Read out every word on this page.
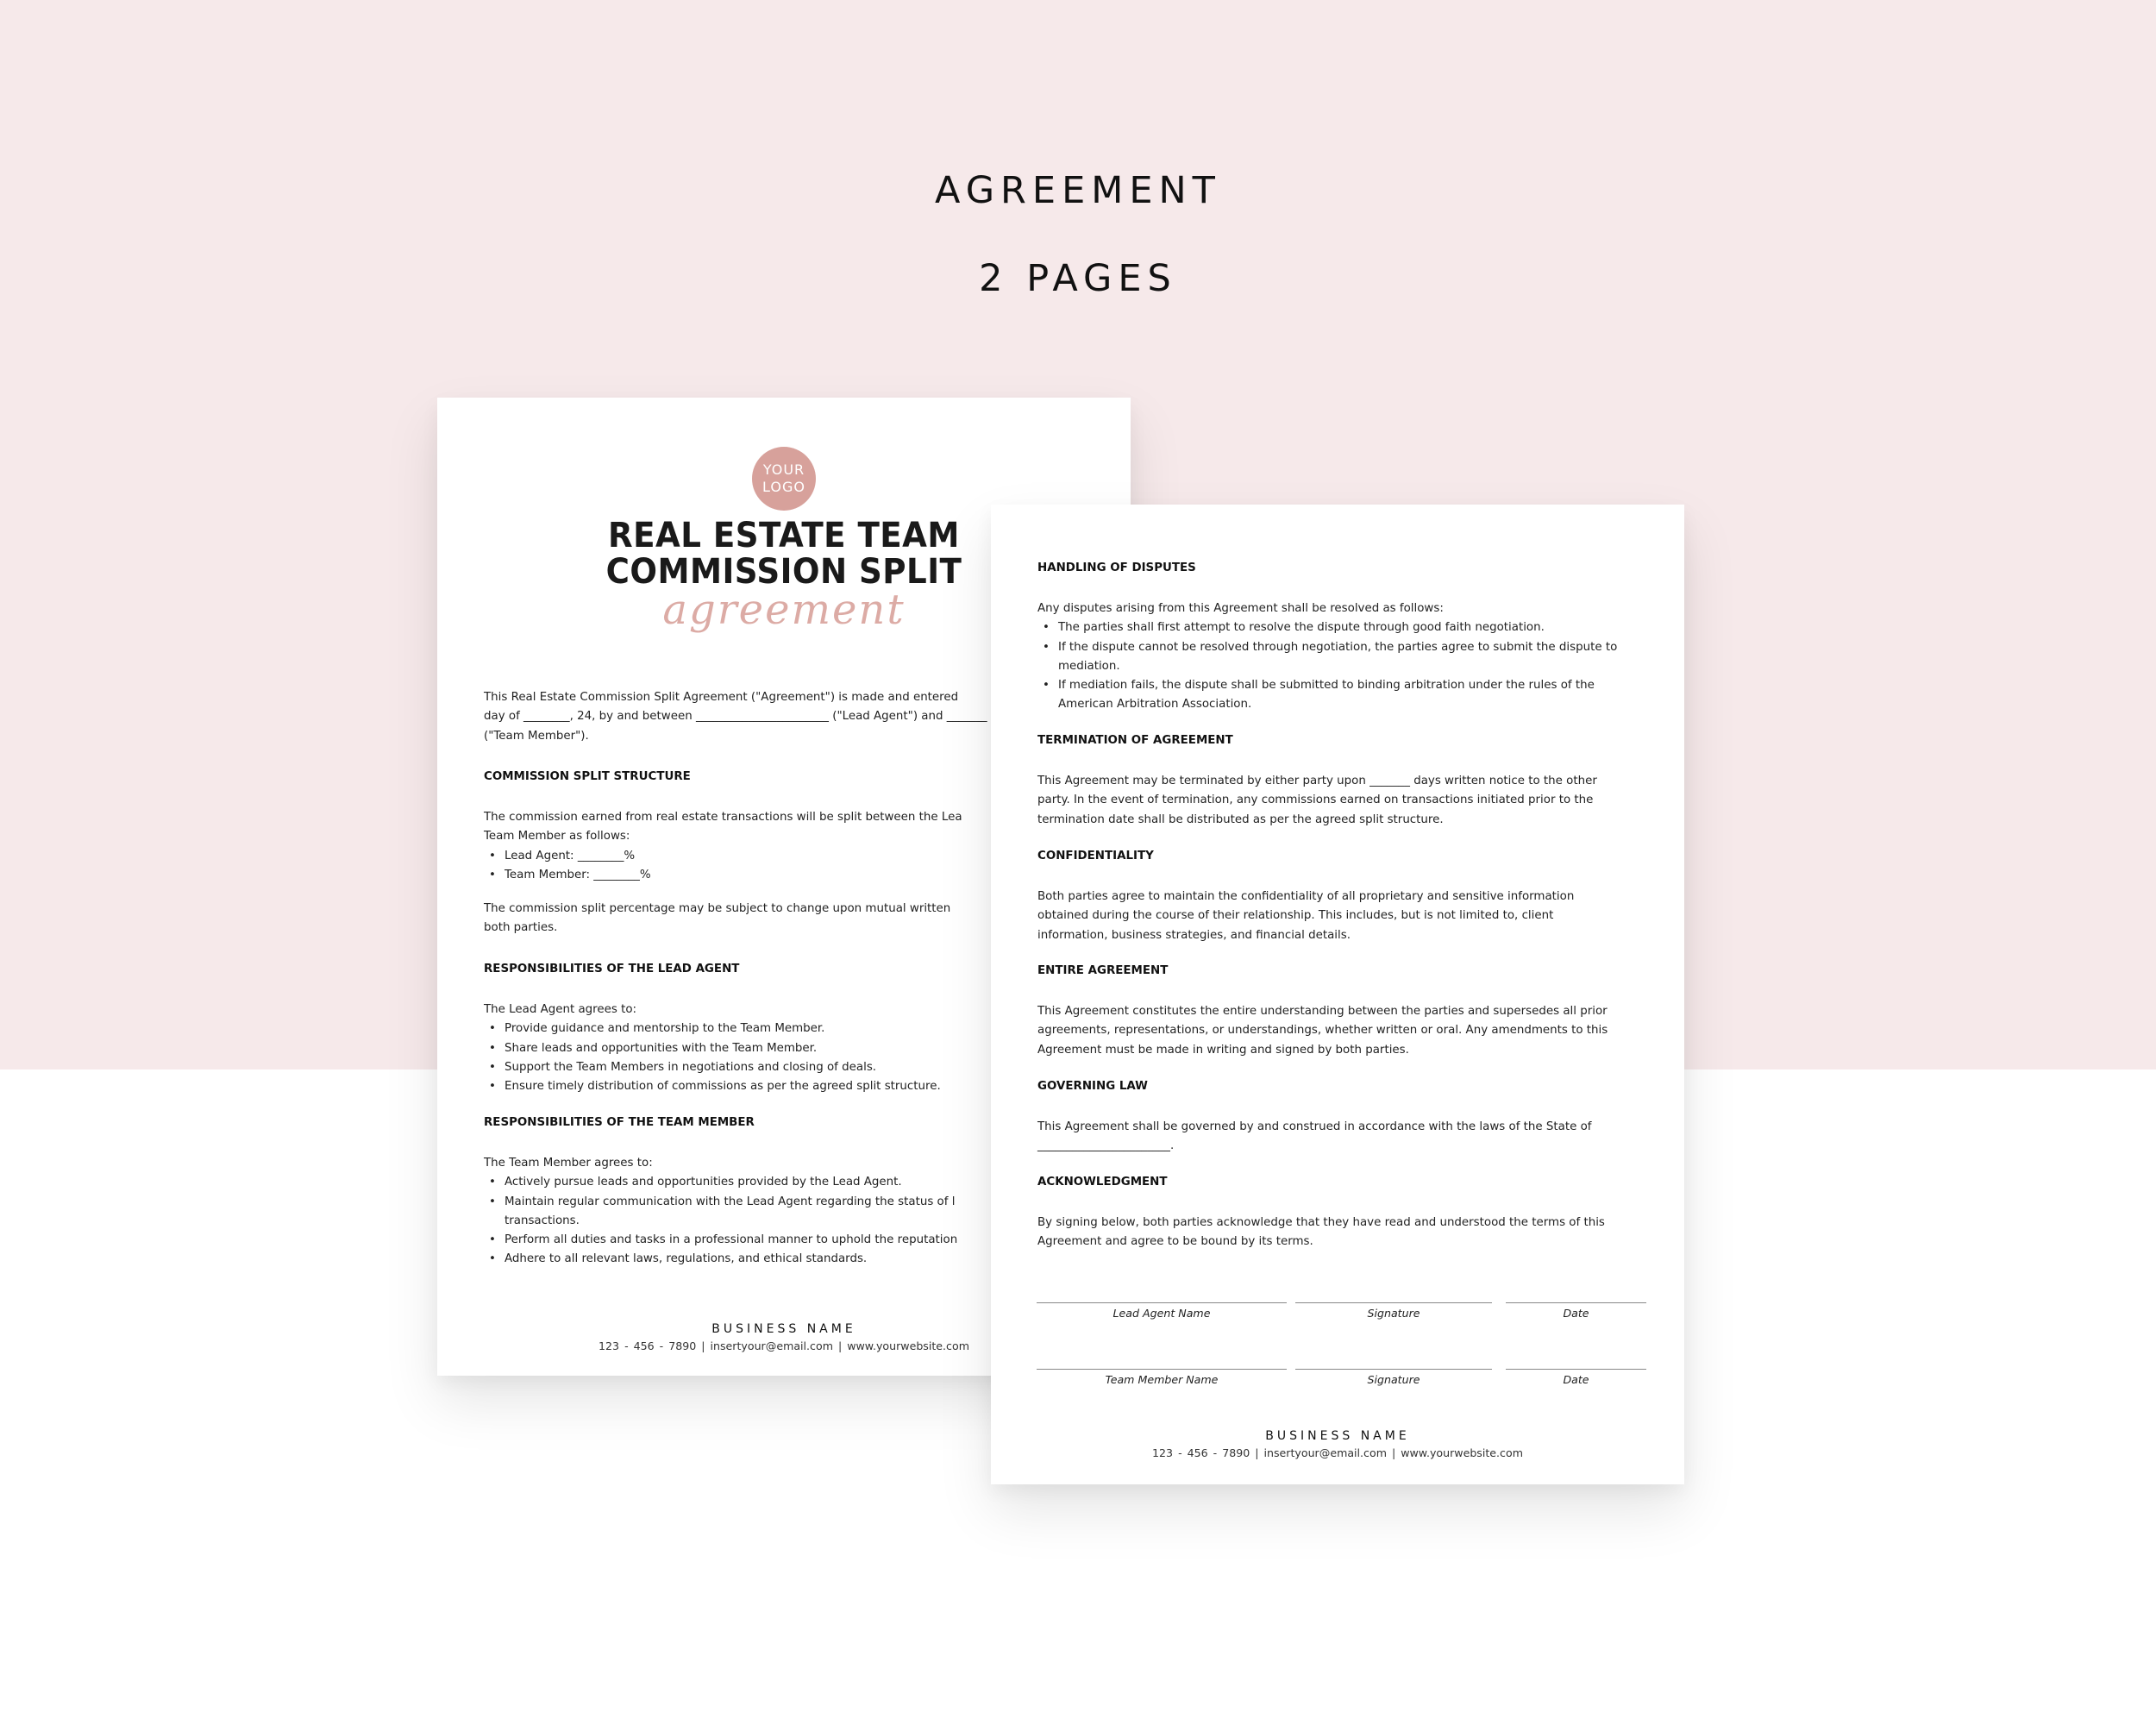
AGREEMENT
2 PAGES
YOUR
LOGO
REAL ESTATE TEAM
COMMISSION SPLIT
agreement
This Real Estate Commission Split Agreement ("Agreement") is made and entered
day of ________, 24, by and between _______________________ ("Lead Agent") and _______
("Team Member").
COMMISSION SPLIT STRUCTURE
The commission earned from real estate transactions will be split between the Lea
Team Member as follows:
• Lead Agent: ________%
• Team Member: ________%
The commission split percentage may be subject to change upon mutual written
both parties.
RESPONSIBILITIES OF THE LEAD AGENT
The Lead Agent agrees to:
• Provide guidance and mentorship to the Team Member.
• Share leads and opportunities with the Team Member.
• Support the Team Members in negotiations and closing of deals.
• Ensure timely distribution of commissions as per the agreed split structure.
RESPONSIBILITIES OF THE TEAM MEMBER
The Team Member agrees to:
• Actively pursue leads and opportunities provided by the Lead Agent.
• Maintain regular communication with the Lead Agent regarding the status of l
transactions.
• Perform all duties and tasks in a professional manner to uphold the reputation
• Adhere to all relevant laws, regulations, and ethical standards.
BUSINESS NAME
123 - 456 - 7890 | insertyour@email.com | www.yourwebsite.com
HANDLING OF DISPUTES
Any disputes arising from this Agreement shall be resolved as follows:
• The parties shall first attempt to resolve the dispute through good faith negotiation.
• If the dispute cannot be resolved through negotiation, the parties agree to submit the dispute to
mediation.
• If mediation fails, the dispute shall be submitted to binding arbitration under the rules of the
American Arbitration Association.
TERMINATION OF AGREEMENT
This Agreement may be terminated by either party upon _______ days written notice to the other
party. In the event of termination, any commissions earned on transactions initiated prior to the
termination date shall be distributed as per the agreed split structure.
CONFIDENTIALITY
Both parties agree to maintain the confidentiality of all proprietary and sensitive information
obtained during the course of their relationship. This includes, but is not limited to, client
information, business strategies, and financial details.
ENTIRE AGREEMENT
This Agreement constitutes the entire understanding between the parties and supersedes all prior
agreements, representations, or understandings, whether written or oral. Any amendments to this
Agreement must be made in writing and signed by both parties.
GOVERNING LAW
This Agreement shall be governed by and construed in accordance with the laws of the State of
_______________________.
ACKNOWLEDGMENT
By signing below, both parties acknowledge that they have read and understood the terms of this
Agreement and agree to be bound by its terms.
Lead Agent Name	Signature	Date
Team Member Name	Signature	Date
BUSINESS NAME
123 - 456 - 7890 | insertyour@email.com | www.yourwebsite.com
